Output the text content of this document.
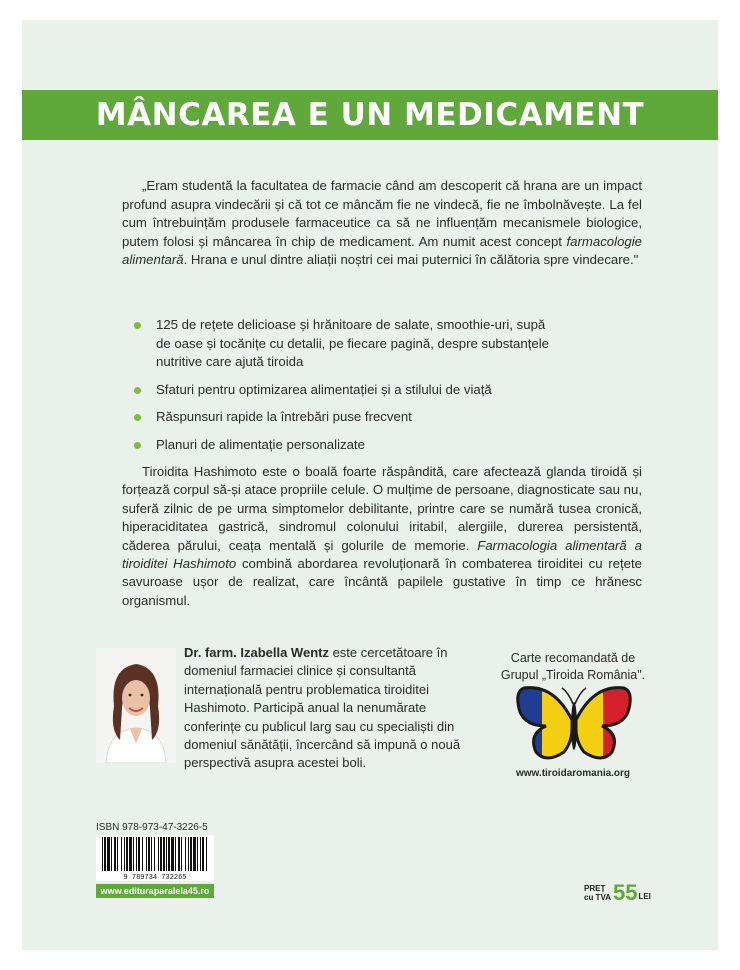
MÂNCAREA E UN MEDICAMENT

„Eram studentă la facultatea de farmacie când am descoperit că hrana are un impact profund asupra vindecării și că tot ce mâncăm fie ne vindecă, fie ne îmbolnăvește. La fel cum întrebuințăm produsele farmaceutice ca să ne influențăm mecanismele biologice, putem folosi și mâncarea în chip de medicament. Am numit acest concept farmacologie alimentară. Hrana e unul dintre aliații noștri cei mai puternici în călătoria spre vindecare."

125 de rețete delicioase și hrănitoare de salate, smoothie-uri, supă de oase și tocănițe cu detalii, pe fiecare pagină, despre substanțele nutritive care ajută tiroida
Sfaturi pentru optimizarea alimentației și a stilului de viață
Răspunsuri rapide la întrebări puse frecvent
Planuri de alimentație personalizate

Tiroidita Hashimoto este o boală foarte răspândită, care afectează glanda tiroidă și forțează corpul să-și atace propriile celule. O mulțime de persoane, diagnosticate sau nu, suferă zilnic de pe urma simptomelor debilitante, printre care se numără tusea cronică, hiperaciditatea gastrică, sindromul colonului iritabil, alergiile, durerea persistentă, căderea părului, ceața mentală și golurile de memorie. Farmacologia alimentară a tiroiditei Hashimoto combină abordarea revoluționară în combaterea tiroiditei cu rețete savuroase ușor de realizat, care încântă papilele gustative în timp ce hrănesc organismul.

Dr. farm. Izabella Wentz este cercetătoare în domeniul farmaciei clinice și consultantă internațională pentru problematica tiroiditei Hashimoto. Participă anual la nenumărate conferințe cu publicul larg sau cu specialiști din domeniul sănătății, încercând să impună o nouă perspectivă asupra acestei boli.

Carte recomandată de
Grupul „Tiroida România".
www.tiroidaromania.org
ISBN 978-973-47-3226-5
9 789734 732265
www.edituraparalela45.ro	PREȚ
cu TVA 55 LEI
